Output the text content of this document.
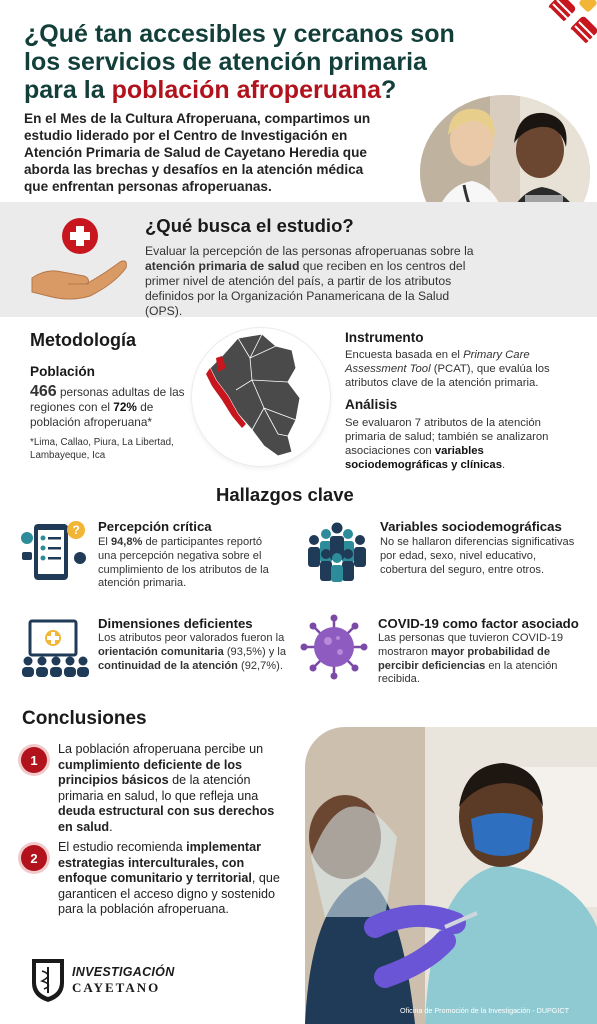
¿Qué tan accesibles y cercanos son los servicios de atención primaria para la población afroperuana?
En el Mes de la Cultura Afroperuana, compartimos un estudio liderado por el Centro de Investigación en Atención Primaria de Salud de Cayetano Heredia que aborda las brechas y desafíos en la atención médica que enfrentan personas afroperuanas.
¿Qué busca el estudio?
Evaluar la percepción de las personas afroperuanas sobre la atención primaria de salud que reciben en los centros del primer nivel de atención del país, a partir de los atributos definidos por la Organización Panamericana de la Salud (OPS).
Metodología
Población
466 personas adultas de las regiones con el 72% de población afroperuana*
*Lima, Callao, Piura, La Libertad, Lambayeque, Ica
Instrumento
Encuesta basada en el Primary Care Assessment Tool (PCAT), que evalúa los atributos clave de la atención primaria.
Análisis
Se evaluaron 7 atributos de la atención primaria de salud; también se analizaron asociaciones con variables sociodemográficas y clínicas.
Hallazgos clave
? Percepción crítica
El 94,8% de participantes reportó una percepción negativa sobre el cumplimiento de los atributos de la atención primaria.
Variables sociodemográficas
No se hallaron diferencias significativas por edad, sexo, nivel educativo, cobertura del seguro, entre otros.
Dimensiones deficientes
Los atributos peor valorados fueron la orientación comunitaria (93,5%) y la continuidad de la atención (92,7%).
COVID-19 como factor asociado
Las personas que tuvieron COVID-19 mostraron mayor probabilidad de percibir deficiencias en la atención recibida.
Conclusiones
1
La población afroperuana percibe un cumplimiento deficiente de los principios básicos de la atención primaria en salud, lo que refleja una deuda estructural con sus derechos en salud.
2
El estudio recomienda implementar estrategias interculturales, con enfoque comunitario y territorial, que garanticen el acceso digno y sostenido para la población afroperuana.
INVESTIGACIÓN
CAYETANO
Oficina de Promoción de la Investigación - DUPGICT
